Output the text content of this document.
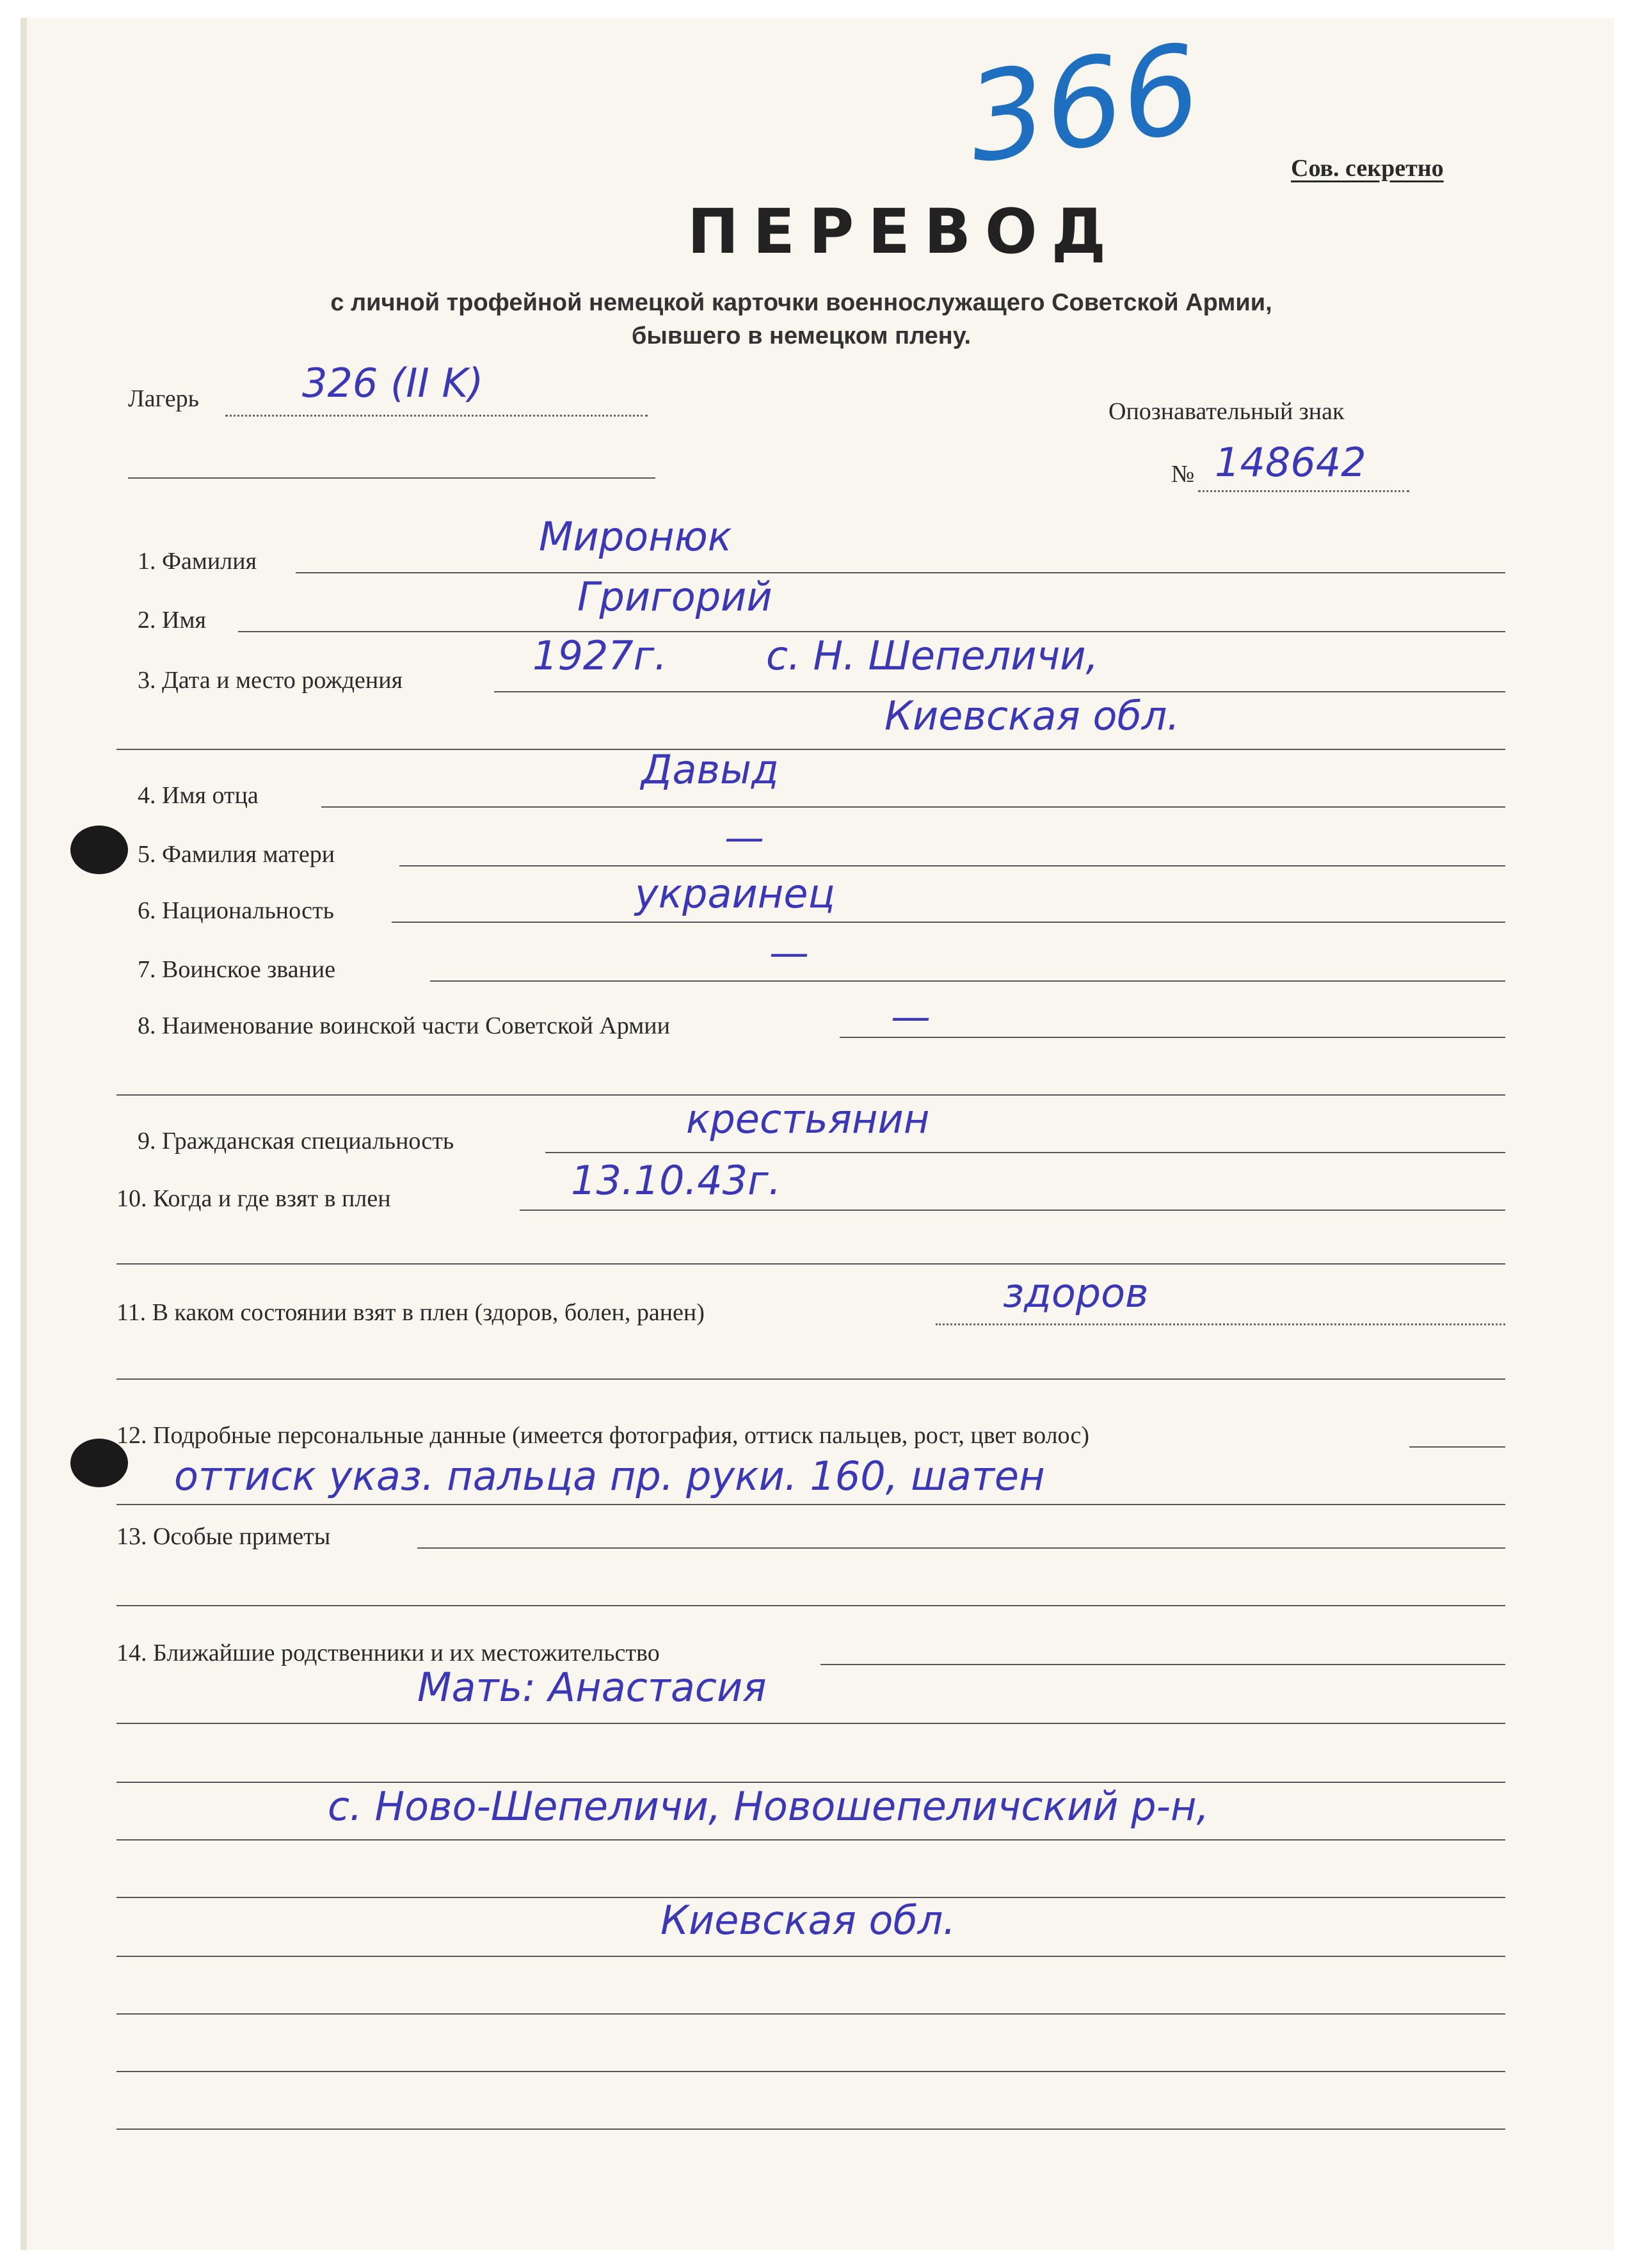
366	Сов. секретно
ПЕРЕВОД
с личной трофейной немецкой карточки военнослужащего Советской Армии,
бывшего в немецком плену.
Лагерь	326 (II K)
Опознавательный знак
№ 148642
1. Фамилия
Миронюк
2. Имя	Григорий
3. Дата и место рождения
1927г. с. Н. Шепеличи,
Киевская обл.
4. Имя отца
Давыд
5. Фамилия матери	—
6. Национальность	украинец
7. Воинское звание	—
8. Наименование воинской части Советской Армии	—
9. Гражданская специальность	крестьянин
10. Когда и где взят в плен	13.10.43г.
11. В каком состоянии взят в плен (здоров, болен, ранен)	здоров
12. Подробные персональные данные (имеется фотография, оттиск пальцев, рост, цвет волос)
оттиск указ. пальца пр. руки. 160, шатен
13. Особые приметы
14. Ближайшие родственники и их местожительство
Мать: Анастасия
с. Ново-Шепеличи, Новошепеличский р-н,
Киевская обл.
